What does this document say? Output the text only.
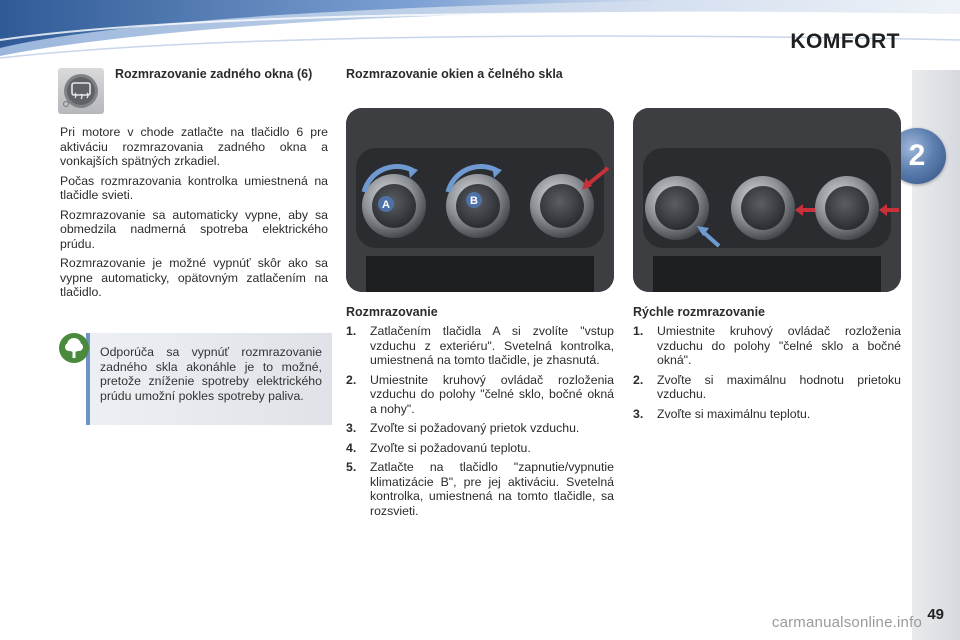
KOMFORT
2
Rozmrazovanie zadného okna (6)

Pri motore v chode zatlačte na tlačidlo 6 pre aktiváciu rozmrazovania zadného okna a vonkajších spätných zrkadiel.

Počas rozmrazovania kontrolka umiestnená na tlačidle svieti.

Rozmrazovanie sa automaticky vypne, aby sa obmedzila nadmerná spotreba elektrického prúdu.

Rozmrazovanie je možné vypnúť skôr ako sa vypne automaticky, opätovným zatlačením na tlačidlo.

Odporúča sa vypnúť rozmrazovanie zadného skla akonáhle je to možné, pretože zníženie spotreby elektrického prúdu umožní pokles spotreby paliva.
Rozmrazovanie okien a čelného skla
A	B
Rozmrazovanie
1. Zatlačením tlačidla A si zvolíte "vstup vzduchu z exteriéru". Svetelná kontrolka, umiestnená na tomto tlačidle, je zhasnutá.
2. Umiestnite kruhový ovládač rozloženia vzduchu do polohy "čelné sklo, bočné okná a nohy".
3. Zvoľte si požadovaný prietok vzduchu.
4. Zvoľte si požadovanú teplotu.
5. Zatlačte na tlačidlo "zapnutie/vypnutie klimatizácie B", pre jej aktiváciu. Svetelná kontrolka, umiestnená na tomto tlačidle, sa rozsvieti.
Rýchle rozmrazovanie
1. Umiestnite kruhový ovládač rozloženia vzduchu do polohy "čelné sklo a bočné okná".
2. Zvoľte si maximálnu hodnotu prietoku vzduchu.
3. Zvoľte si maximálnu teplotu.
carmanualsonline.info 49
